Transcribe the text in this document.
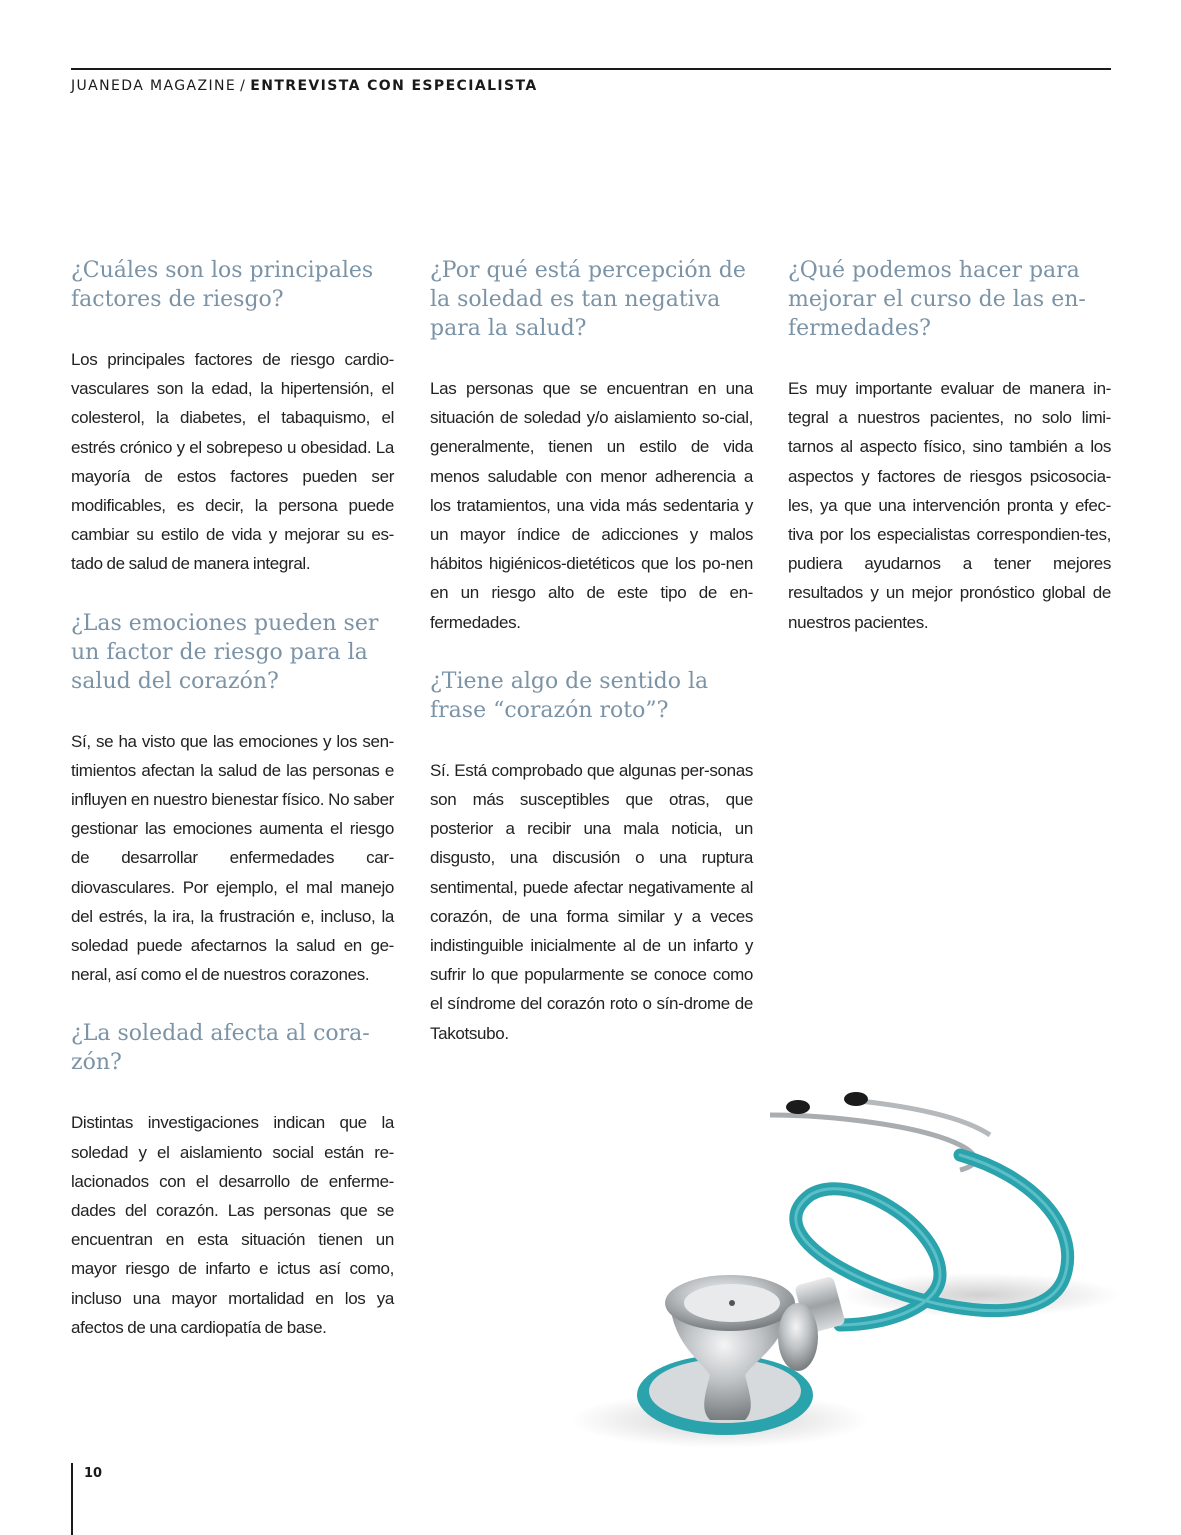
JUANEDA MAGAZINE / ENTREVISTA CON ESPECIALISTA
¿Cuáles son los principales factores de riesgo?

Los principales factores de riesgo cardio-vasculares son la edad, la hipertensión, el colesterol, la diabetes, el tabaquismo, el estrés crónico y el sobrepeso u obesidad. La mayoría de estos factores pueden ser modificables, es decir, la persona puede cambiar su estilo de vida y mejorar su es-tado de salud de manera integral.

¿Las emociones pueden ser un factor de riesgo para la salud del corazón?

Sí, se ha visto que las emociones y los sen-timientos afectan la salud de las personas e influyen en nuestro bienestar físico. No saber gestionar las emociones aumenta el riesgo de desarrollar enfermedades car-diovasculares. Por ejemplo, el mal manejo del estrés, la ira, la frustración e, incluso, la soledad puede afectarnos la salud en ge-neral, así como el de nuestros corazones.

¿La soledad afecta al cora-zón?

Distintas investigaciones indican que la soledad y el aislamiento social están re-lacionados con el desarrollo de enferme-dades del corazón. Las personas que se encuentran en esta situación tienen un mayor riesgo de infarto e ictus así como, incluso una mayor mortalidad en los ya afectos de una cardiopatía de base.

¿Por qué está percepción de la soledad es tan negativa para la salud?

Las personas que se encuentran en una situación de soledad y/o aislamiento so-cial, generalmente, tienen un estilo de vida menos saludable con menor adherencia a los tratamientos, una vida más sedentaria y un mayor índice de adicciones y malos hábitos higiénicos-dietéticos que los po-nen en un riesgo alto de este tipo de en-fermedades.

¿Tiene algo de sentido la frase “corazón roto”?

Sí. Está comprobado que algunas per-sonas son más susceptibles que otras, que posterior a recibir una mala noticia, un disgusto, una discusión o una ruptura sentimental, puede afectar negativamente al corazón, de una forma similar y a veces indistinguible inicialmente al de un infarto y sufrir lo que popularmente se conoce como el síndrome del corazón roto o sín-drome de Takotsubo.

¿Qué podemos hacer para mejorar el curso de las en-fermedades?

Es muy importante evaluar de manera in-tegral a nuestros pacientes, no solo limi-tarnos al aspecto físico, sino también a los aspectos y factores de riesgos psicosocia-les, ya que una intervención pronta y efec-tiva por los especialistas correspondien-tes, pudiera ayudarnos a tener mejores resultados y un mejor pronóstico global de nuestros pacientes.

10
